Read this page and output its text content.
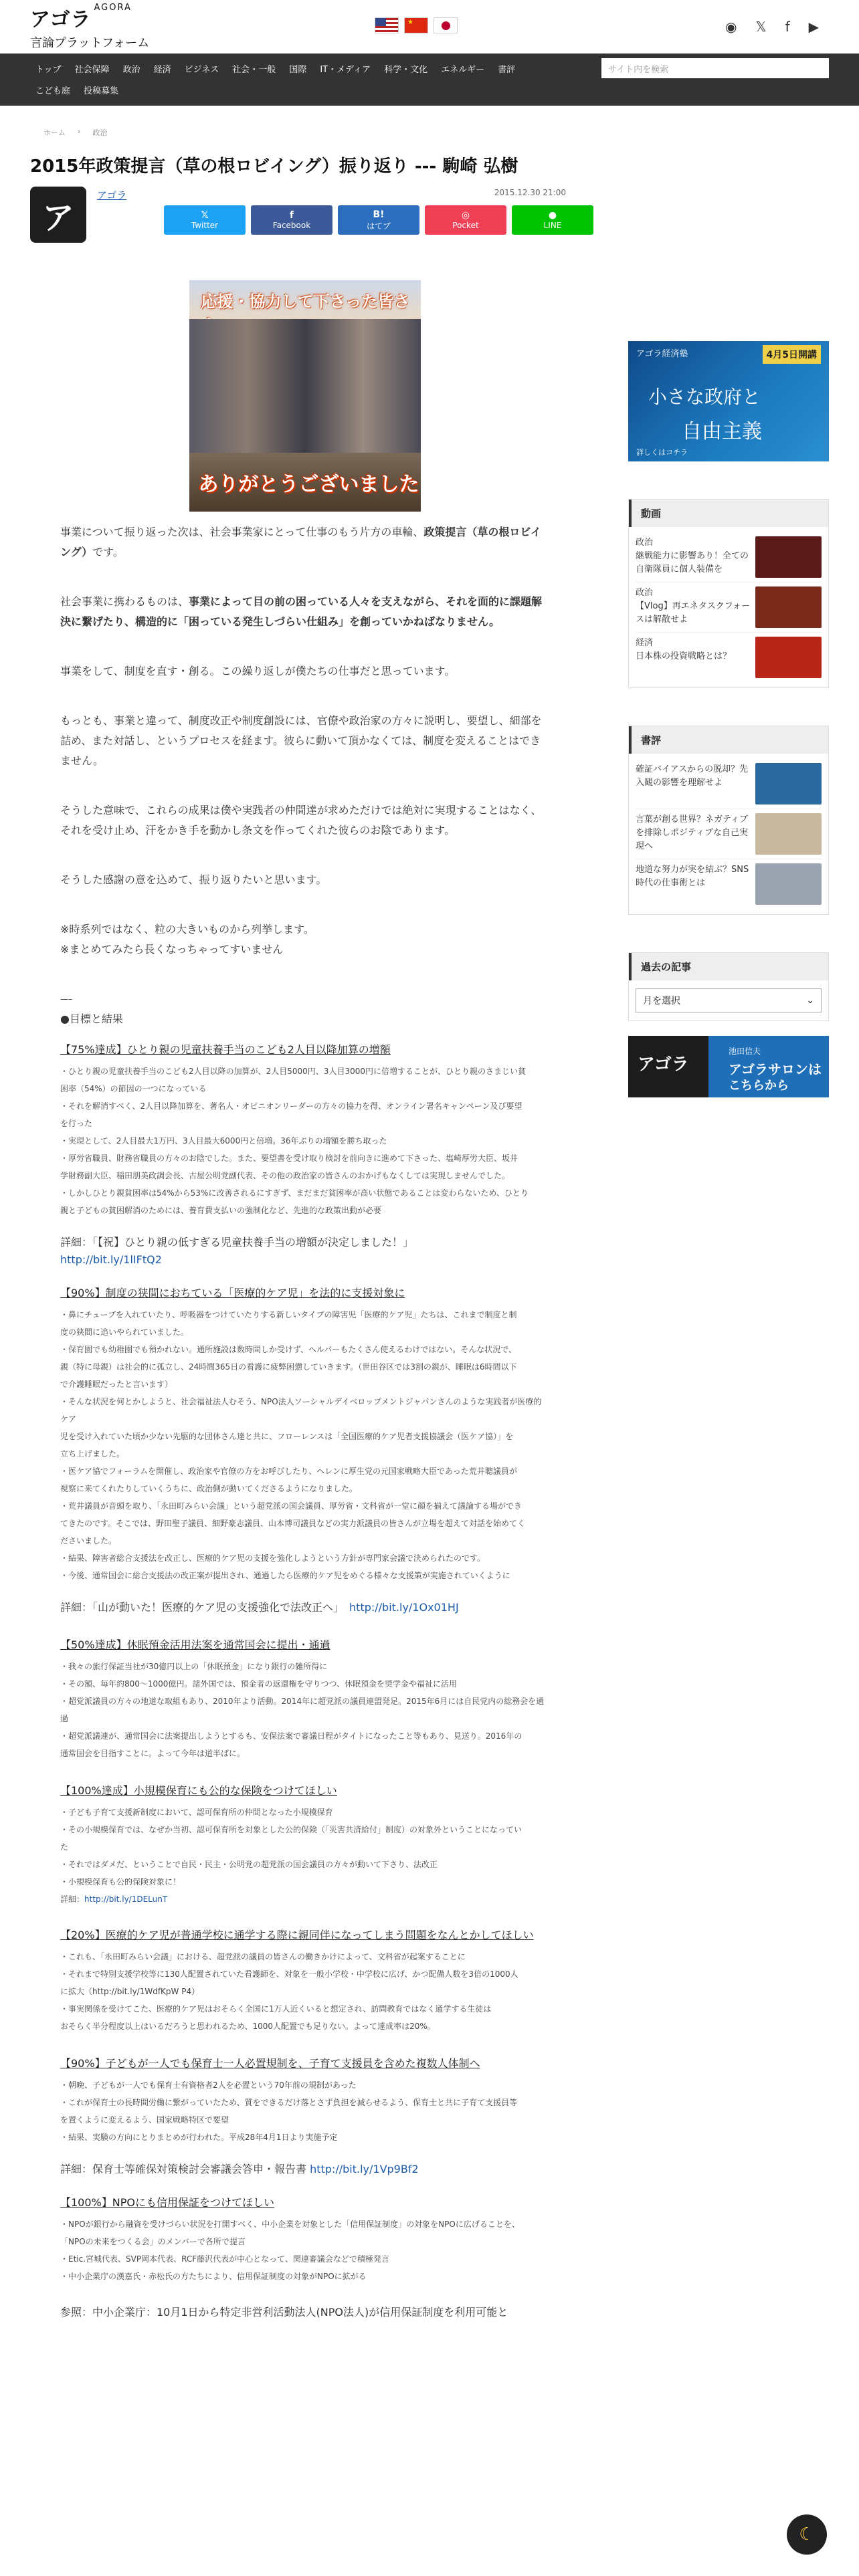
アゴラ$^{AGORA}$
言論プラットフォーム
★
◉ 𝕏 f ▶
トップ	社会保障	政治	経済	ビジネス	社会・一般	国際	IT・メディア	科学・文化	エネルギー	書評	サイト内を検索
こども庭	投稿募集
ホーム › 政治
2015年政策提言（草の根ロビイング）振り返り --- 駒崎 弘樹
ア
アゴラ	2015.12.30 21:00
𝕏
Twitter
f
Facebook
B!
はてブ
◎
Pocket
●
LINE
応援・協力して下さった皆さ
ありがとうございました

事業について振り返った次は、社会事業家にとって仕事のもう片方の車輪、政策提言（草の根ロビイング）です。

社会事業に携わるものは、事業によって目の前の困っている人々を支えながら、それを面的に課題解決に繋げたり、構造的に「困っている発生しづらい仕組み」を創っていかねばなりません。

事業をして、制度を直す・創る。この繰り返しが僕たちの仕事だと思っています。

もっとも、事業と違って、制度改正や制度創設には、官僚や政治家の方々に説明し、要望し、細部を詰め、また対話し、というプロセスを経ます。彼らに動いて頂かなくては、制度を変えることはできません。

そうした意味で、これらの成果は僕や実践者の仲間達が求めただけでは絶対に実現することはなく、それを受け止め、汗をかき手を動かし条文を作ってくれた彼らのお陰であります。

そうした感謝の意を込めて、振り返りたいと思います。

※時系列ではなく、粒の大きいものから列挙します。

※まとめてみたら長くなっちゃってすいません

—–

●目標と結果

【75%達成】ひとり親の児童扶養手当のこども2人目以降加算の増額
・ひとり親の児童扶養手当のこども2人目以降の加算が、2人目5000円、3人目3000円に倍増することが、ひとり親のさまじい貧
困率（54%）の節因の一つになっている
・それを解消すべく、2人目以降加算を、著名人・オピニオンリーダーの方々の協力を得、オンライン署名キャンペーン及び要望
を行った
・実現として、2人目最大1万円、3人目最大6000円と倍増。36年ぶりの増額を勝ち取った
・厚労省職員、財務省職員の方々のお陰でした。また、要望書を受け取り検討を前向きに進めて下さった、塩崎厚労大臣、坂井
学財務副大臣、稲田朋美政調会長、古屋公明党副代表、その他の政治家の皆さんのおかげもなくしては実現しませんでした。
・しかしひとり親貧困率は54%から53%に改善されるにすぎず、まだまだ貧困率が高い状態であることは変わらないため、ひとり
親と子どもの貧困解消のためには、養育費支払いの強制化など、先進的な政策出動が必要
詳細：「【祝】ひとり親の低すぎる児童扶養手当の増額が決定しました！」
http://bit.ly/1lIFtQ2
【90%】制度の狭間におちている「医療的ケア児」を法的に支援対象に
・鼻にチューブを入れていたり、呼吸器をつけていたりする新しいタイプの障害児「医療的ケア児」たちは、これまで制度と制
度の狭間に追いやられていました。
・保育園でも幼稚園でも預かれない。通所施設は数時間しか受けず、ヘルパーもたくさん使えるわけではない。そんな状況で、
親（特に母親）は社会的に孤立し、24時間365日の看護に疲弊困憊していきます。（世田谷区では3割の親が、睡眠は6時間以下
で介護睡眠だったと言います）
・そんな状況を何とかしようと、社会福祉法人むそう、NPO法人ソーシャルデイベロップメントジャパンさんのような実践者が医療的ケア
児を受け入れていた頃か少ない先駆的な団体さん達と共に、フローレンスは「全国医療的ケア児者支援協議会（医ケア協）」を
立ち上げました。
・医ケア協でフォーラムを開催し、政治家や官僚の方をお呼びしたり、ヘレンに厚生党の元国家戦略大臣であった荒井聰議員が
視察に来てくれたりしていくうちに、政治側が動いてくださるようになりました。
・荒井議員が音頭を取り、「永田町みらい会議」という超党派の国会議員、厚労省・文科省が一堂に顔を揃えて議論する場ができ
てきたのです。そこでは、野田聖子議員、細野豪志議員、山本博司議員などの実力派議員の皆さんが立場を超えて対話を始めてく
ださいました。
・結果、障害者総合支援法を改正し、医療的ケア児の支援を強化しようという方針が専門家会議で決められたのです。
・今後、通常国会に総合支援法の改正案が提出され、通過したら医療的ケア児をめぐる様々な支援策が実施されていくように
詳細：「山が動いた！医療的ケア児の支援強化で法改正へ」　 http://bit.ly/1Ox01HJ
【50%達成】休眠預金活用法案を通常国会に提出・通過
・我々の旅行保証当社が30億円以上の「休眠預金」になり銀行の雑所得に
・その額、毎年約800〜1000億円。諸外国では、預金者の返還権を守りつつ、休眠預金を奨学金や福祉に活用
・超党派議員の方々の地道な取組もあり、2010年より活動。2014年に超党派の議員連盟発足。2015年6月には自民党内の総務会を通過
・超党派議連が、通常国会に法案提出しようとするも、安保法案で審議日程がタイトになったこと等もあり、見送り。2016年の
通常国会を目指すことに。よって今年は道半ばに。
【100%達成】小規模保育にも公的な保険をつけてほしい
・子ども子育て支援新制度において、認可保育所の仲間となった小規模保育
・その小規模保育では、なぜか当初、認可保育所を対象とした公的保険（「災害共済給付」制度）の対象外ということになってい
た
・それではダメだ、ということで自民・民主・公明党の超党派の国会議員の方々が動いて下さり、法改正
・小規模保育も公的保険対象に！
詳細：http://bit.ly/1DELunT
【20%】医療的ケア児が普通学校に通学する際に親同伴になってしまう問題をなんとかしてほしい
・これも、「永田町みらい会議」における、超党派の議員の皆さんの働きかけによって、文科省が起案することに
・それまで特別支援学校等に130人配置されていた看護師を、対象を一般小学校・中学校に広げ、かつ配備人数を3倍の1000人
に拡大（http://bit.ly/1WdfKpW P4）
・事実関係を受けてこた、医療的ケア児はおそらく全国に1万人近くいると想定され、訪問教育ではなく通学する生徒は
おそらく半分程度以上はいるだろうと思われるため、1000人配置でも足りない。よって達成率は20%。
【90%】子どもが一人でも保育士一人必置規制を、子育て支援員を含めた複数人体制へ
・朝晩、子どもが一人でも保育士有資格者2人を必置という70年前の規制があった
・これが保育士の長時間労働に繋がっていたため、質をできるだけ落とさず負担を減らせるよう、保育士と共に子育て支援員等
を置くように変えるよう、国家戦略特区で要望
・結果、実験の方向にとりまとめが行われた。平成28年4月1日より実施予定
詳細：保育士等確保対策検討会審議会答申・報告書 http://bit.ly/1Vp9Bf2
【100%】NPOにも信用保証をつけてほしい
・NPOが銀行から融資を受けづらい状況を打開すべく、中小企業を対象とした「信用保証制度」の対象をNPOに広げることを、
「NPOの未来をつくる会」のメンバーで各所で提言
・Etic.宮城代表、SVP岡本代表、RCF藤沢代表が中心となって、関連審議会などで積極発言
・中小企業庁の漢嘉氏・赤松氏の方たちにより、信用保証制度の対象がNPOに拡がる

参照：中小企業庁：10月1日から特定非営利活動法人(NPO法人)が信用保証制度を利用可能と

アゴラ経済塾	4月5日開講
小さな政府と
自由主義
詳しくはコチラ
動画
政治
継戦能力に影響あり！全ての自衛隊員に個人装備を
政治
【Vlog】再エネタスクフォースは解散せよ
経済
日本株の投資戦略とは？
書評
確証バイアスからの脱却？先入観の影響を理解せよ
言葉が創る世界？ネガティブを排除しポジティブな自己実現へ
地道な努力が実を結ぶ？SNS時代の仕事術とは
過去の記事
月を選択	⌄
アゴラ
池田信夫
アゴラサロンは
こちらから
☾
